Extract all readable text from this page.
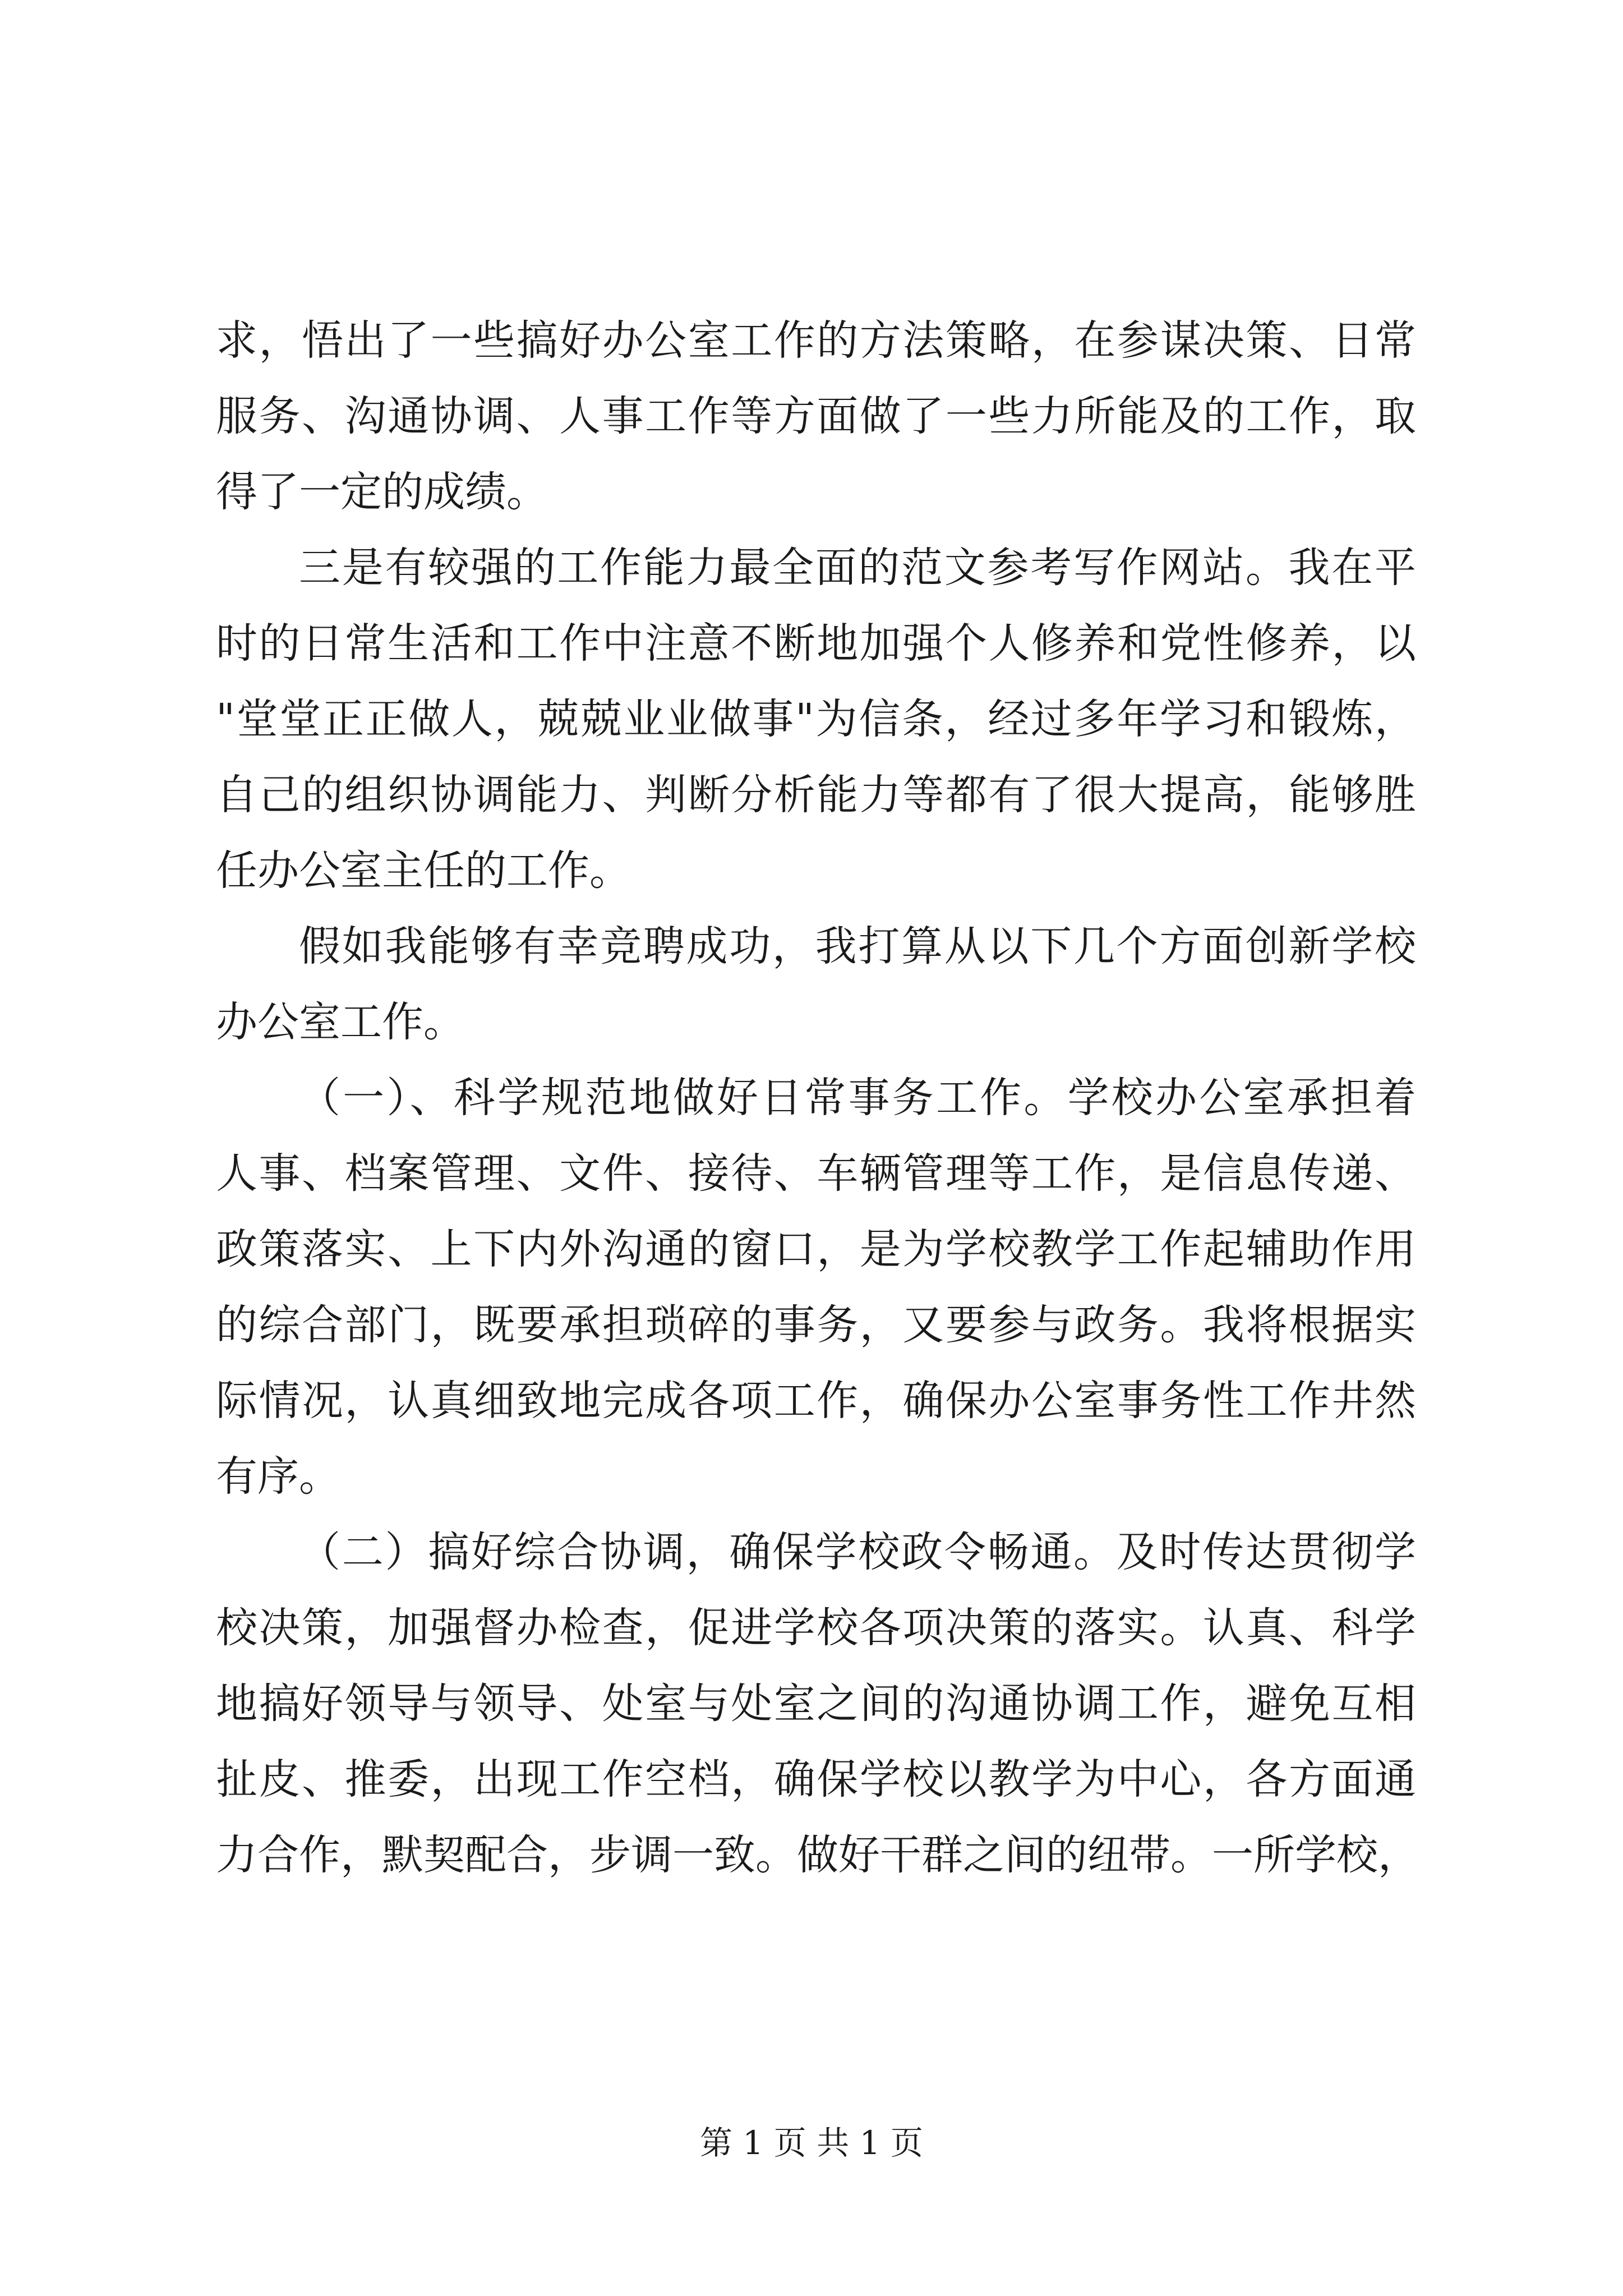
求，悟出了一些搞好办公室工作的方法策略，在参谋决策、日常
服务、沟通协调、人事工作等方面做了一些力所能及的工作，取
得了一定的成绩。
三是有较强的工作能力最全面的范文参考写作网站。我在平
时的日常生活和工作中注意不断地加强个人修养和党性修养，以
"堂堂正正做人，兢兢业业做事"为信条，经过多年学习和锻炼，
自己的组织协调能力、判断分析能力等都有了很大提高，能够胜
任办公室主任的工作。
假如我能够有幸竞聘成功，我打算从以下几个方面创新学校
办公室工作。
（一）、科学规范地做好日常事务工作。学校办公室承担着
人事、档案管理、文件、接待、车辆管理等工作，是信息传递、
政策落实、上下内外沟通的窗口，是为学校教学工作起辅助作用
的综合部门，既要承担琐碎的事务，又要参与政务。我将根据实
际情况，认真细致地完成各项工作，确保办公室事务性工作井然
有序。
（二）搞好综合协调，确保学校政令畅通。及时传达贯彻学
校决策，加强督办检查，促进学校各项决策的落实。认真、科学
地搞好领导与领导、处室与处室之间的沟通协调工作，避免互相
扯皮、推委，出现工作空档，确保学校以教学为中心，各方面通
力合作，默契配合，步调一致。做好干群之间的纽带。一所学校，
第 1 页 共 1 页
